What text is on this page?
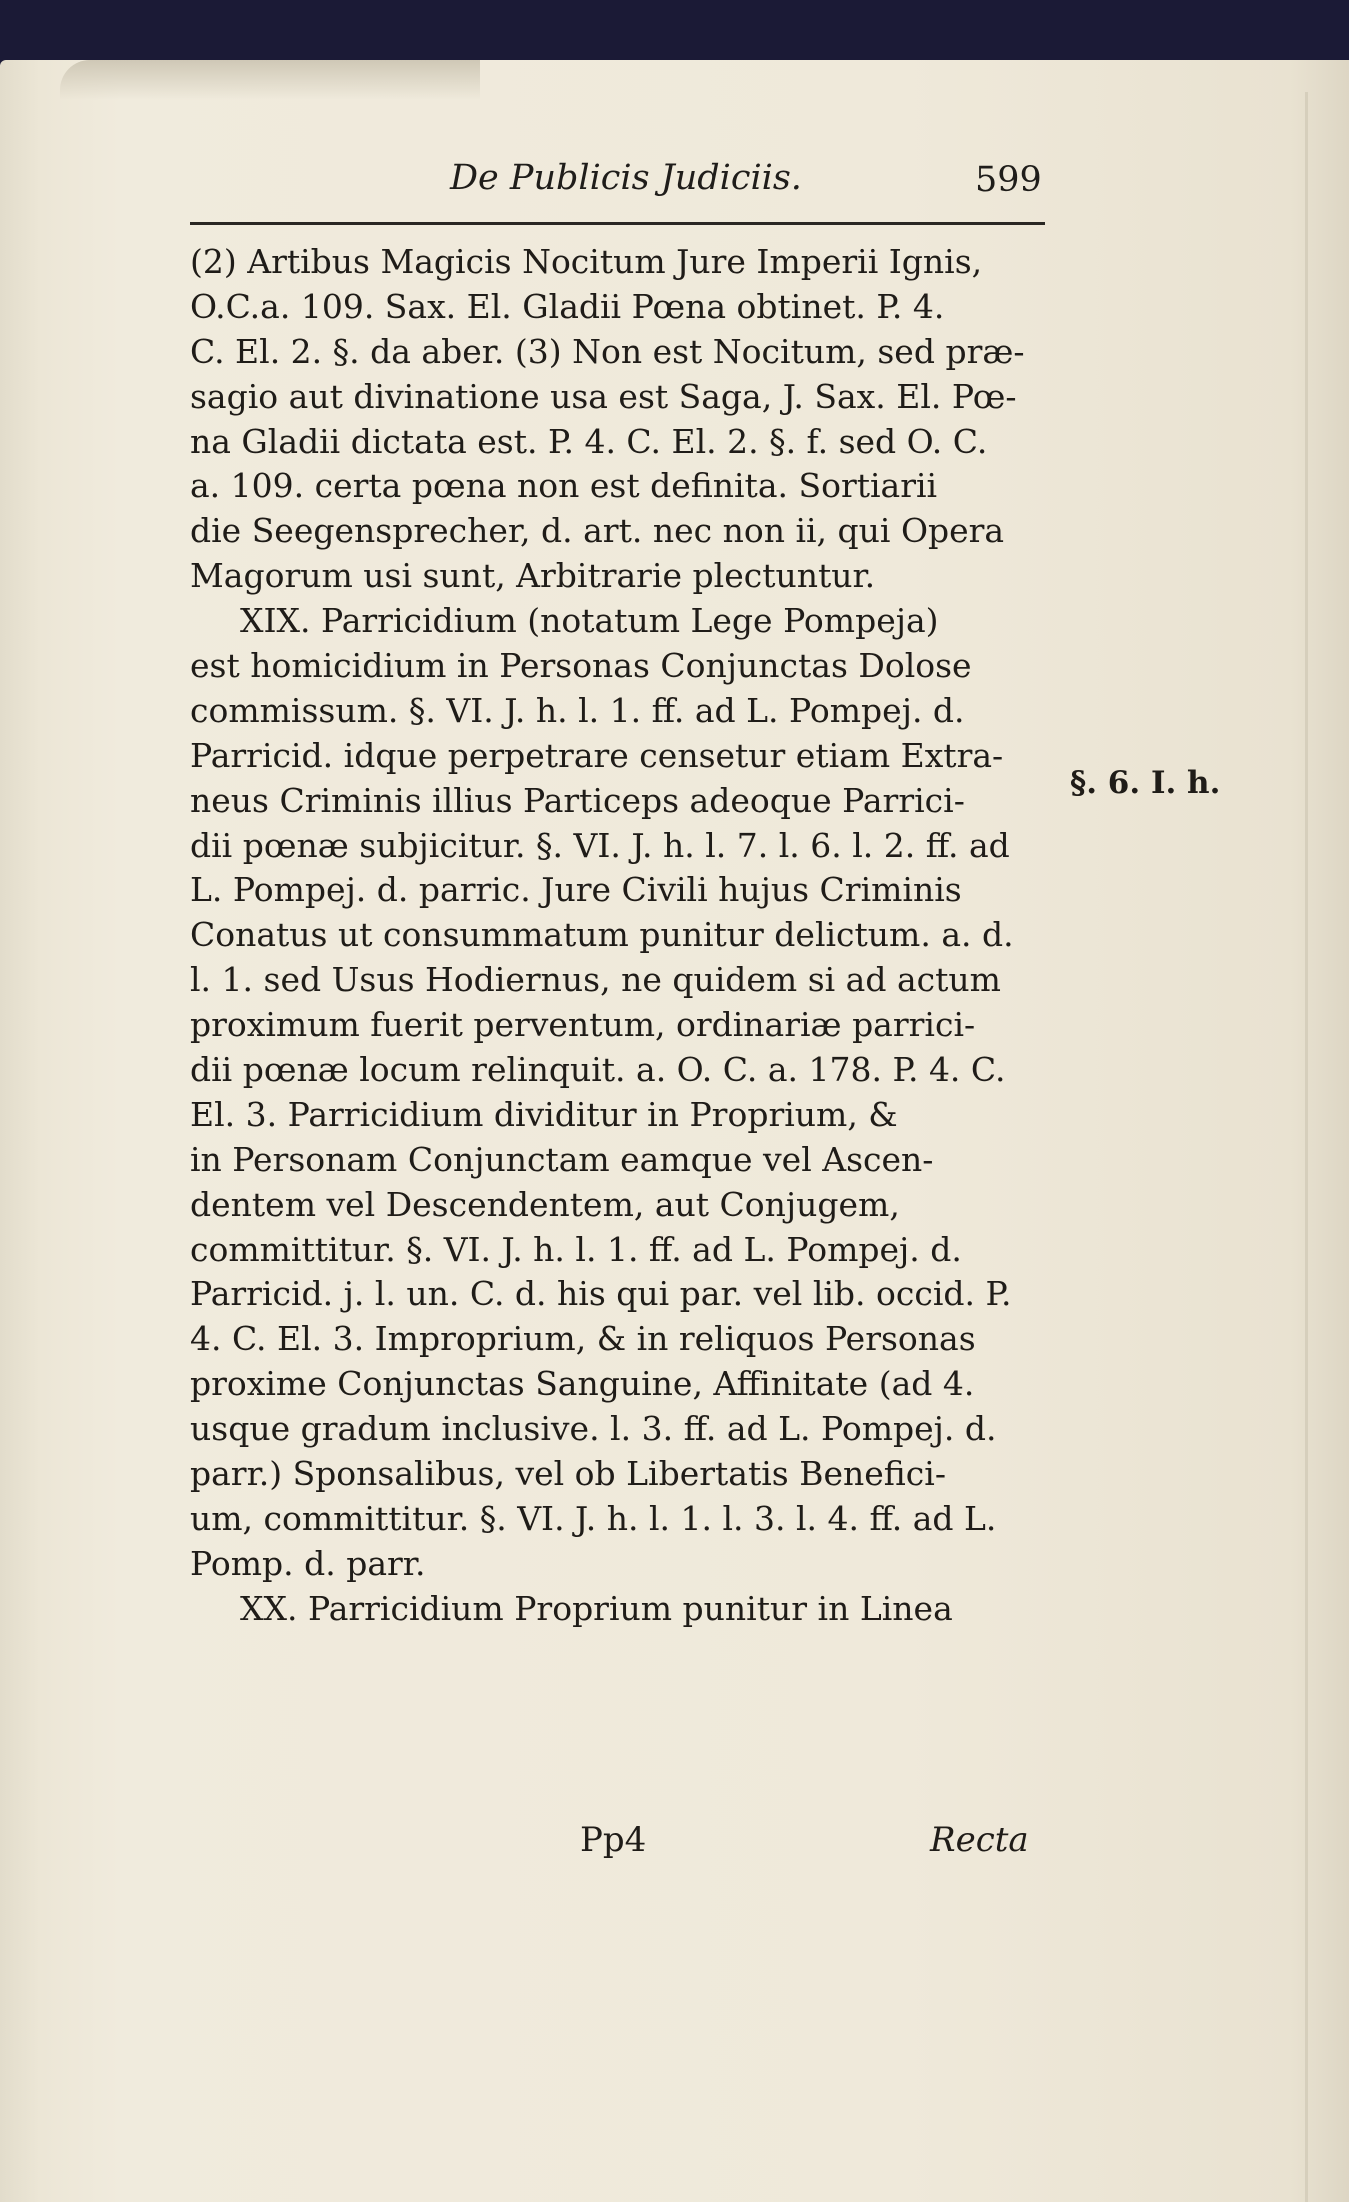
De Publicis Judiciis.	599
(2) Artibus Magicis Nocitum Jure Imperii Ignis,
O.C.a. 109. Sax. El. Gladii Pœna obtinet. P. 4.
C. El. 2. §. da aber. (3) Non est Nocitum, sed præ-
sagio aut divinatione usa est Saga, J. Sax. El. Pœ-
na Gladii dictata est. P. 4. C. El. 2. §. f. sed O. C.
a. 109. certa pœna non est definita. Sortiarii
die Seegensprecher, d. art. nec non ii, qui Opera
Magorum usi sunt, Arbitrarie plectuntur.
XIX. Parricidium (notatum Lege Pompeja)
est homicidium in Personas Conjunctas Dolose
commissum. §. VI. J. h. l. 1. ff. ad L. Pompej. d.
Parricid. idque perpetrare censetur etiam Extra-
neus Criminis illius Particeps adeoque Parrici-
dii pœnæ subjicitur. §. VI. J. h. l. 7. l. 6. l. 2. ff. ad
L. Pompej. d. parric. Jure Civili hujus Criminis
Conatus ut consummatum punitur delictum. a. d.
l. 1. sed Usus Hodiernus, ne quidem si ad actum
proximum fuerit perventum, ordinariæ parrici-
dii pœnæ locum relinquit. a. O. C. a. 178. P. 4. C.
El. 3. Parricidium dividitur in Proprium, &
in Personam Conjunctam eamque vel Ascen-
dentem vel Descendentem, aut Conjugem,
committitur. §. VI. J. h. l. 1. ff. ad L. Pompej. d.
Parricid. j. l. un. C. d. his qui par. vel lib. occid. P.
4. C. El. 3. Improprium, & in reliquos Personas
proxime Conjunctas Sanguine, Affinitate (ad 4.
usque gradum inclusive. l. 3. ff. ad L. Pompej. d.
parr.) Sponsalibus, vel ob Libertatis Benefici-
um, committitur. §. VI. J. h. l. 1. l. 3. l. 4. ff. ad L.
Pomp. d. parr.
XX. Parricidium Proprium punitur in Linea
§. 6. I. h.
Pp4	Recta
